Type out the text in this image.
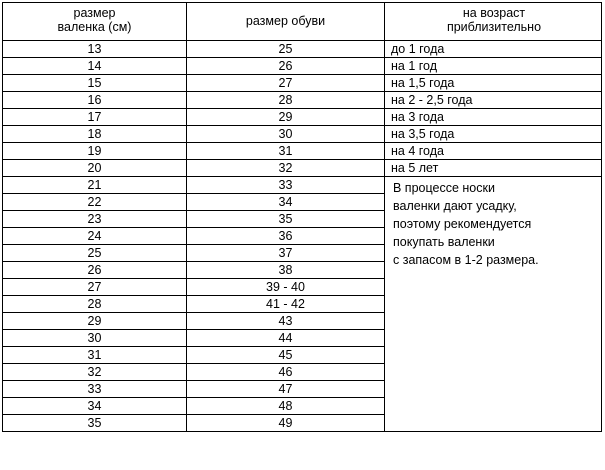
размер
валенка (см)	размер обуви	на возраст
приблизительно

13	25	до 1 года
14	26	на 1 год
15	27	на 1,5 года
16	28	на 2 - 2,5 года
17	29	на 3 года
18	30	на 3,5 года
19	31	на 4 года
20	32	на 5 лет
21	33	В процессе носки
валенки дают усадку,
поэтому рекомендуется
покупать валенки
с запасом в 1-2 размера.

22	34	
23	35	
24	36	
25	37	
26	38	
27	39 - 40	
28	41 - 42	
29	43	
30	44	
31	45	
32	46	
33	47	
34	48	
35	49	
